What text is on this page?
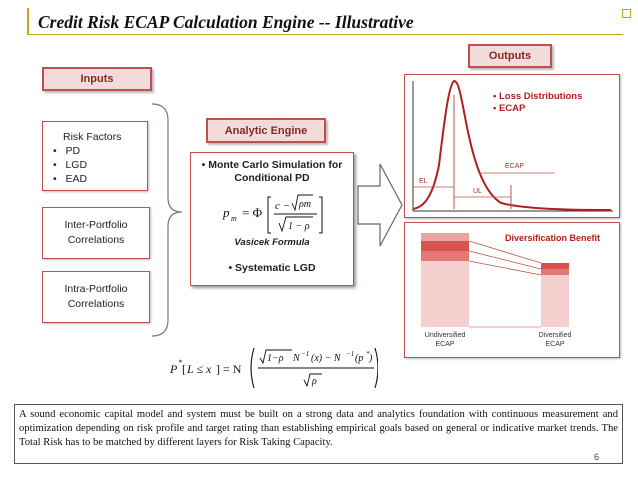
Credit Risk ECAP Calculation Engine -- Illustrative
Inputs
Risk Factors
•   PD
•   LGD
•   EAD
Inter-Portfolio
Correlations
Intra-Portfolio
Correlations
Analytic Engine
• Monte Carlo Simulation for
Conditional PD
p m = Φ c − ρm
1 − ρ
Vasicek Formula
• Systematic LGD
Outputs
EL
UL
ECAP
• Loss Distributions
• ECAP
Diversification Benefit
Undiversified
ECAP
Diversified
ECAP
P * [ L ≤ x ] = N
1−ρ N −1 (x) − N −1 (p * )
ρ
A sound economic capital model and system must be built on a strong data and analytics foundation with continuous measurement and optimization depending on risk profile and target rating than establishing empirical goals based on general or indicative market trends. The Total Risk has to be matched by different layers for Risk Taking Capacity.
6
